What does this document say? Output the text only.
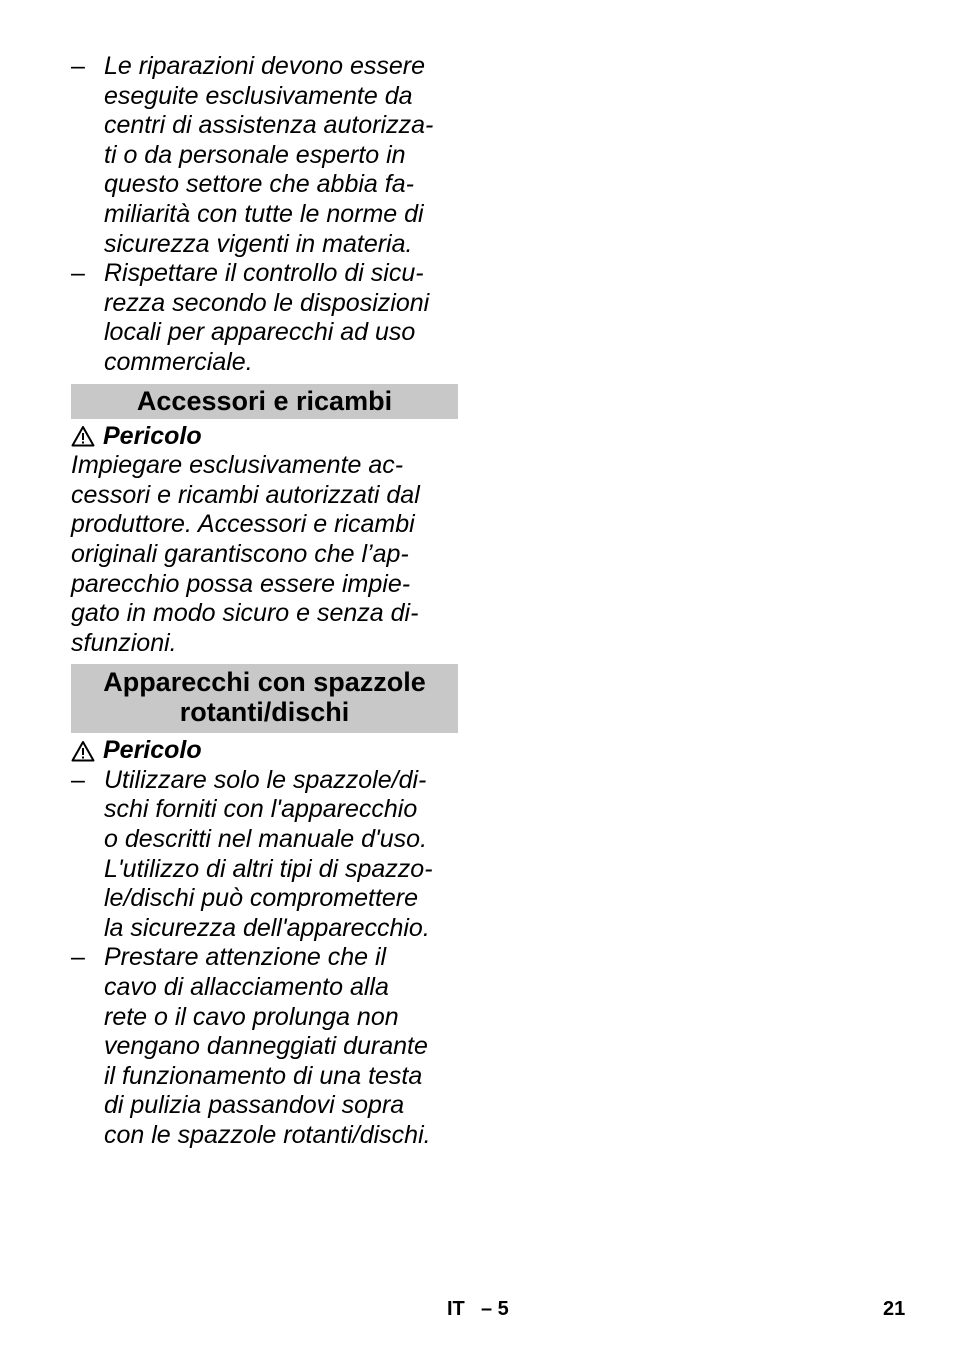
– Le riparazioni devono essere
eseguite esclusivamente da
centri di assistenza autorizza-
ti o da personale esperto in
questo settore che abbia fa-
miliarità con tutte le norme di
sicurezza vigenti in materia.
– Rispettare il controllo di sicu-
rezza secondo le disposizioni
locali per apparecchi ad uso
commerciale.
Accessori e ricambi
Pericolo
Impiegare esclusivamente ac-
cessori e ricambi autorizzati dal
produttore. Accessori e ricambi
originali garantiscono che l’ap-
parecchio possa essere impie-
gato in modo sicuro e senza di-
sfunzioni.
Apparecchi con spazzole
rotanti/dischi
Pericolo
– Utilizzare solo le spazzole/di-
schi forniti con l'apparecchio
o descritti nel manuale d'uso.
L'utilizzo di altri tipi di spazzo-
le/dischi può compromettere
la sicurezza dell'apparecchio.
– Prestare attenzione che il
cavo di allacciamento alla
rete o il cavo prolunga non
vengano danneggiati durante
il funzionamento di una testa
di pulizia passandovi sopra
con le spazzole rotanti/dischi.
IT – 5	21
